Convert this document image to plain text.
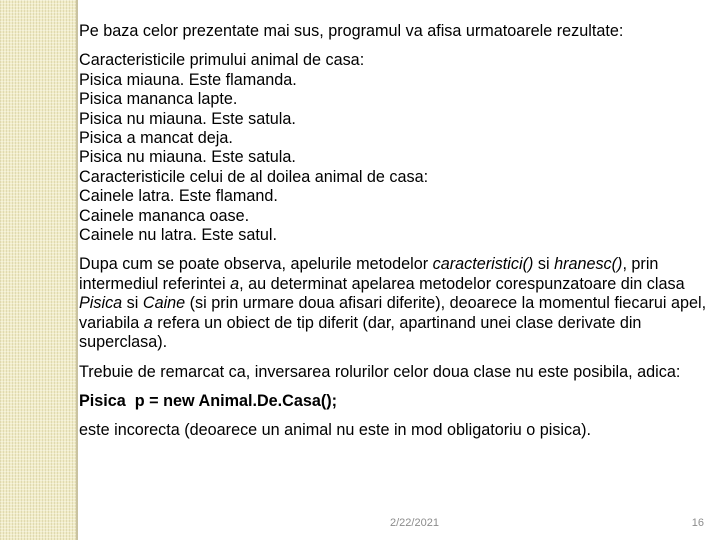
Pe baza celor prezentate mai sus, programul va afisa urmatoarele rezultate:

Caracteristicile primului animal de casa:

Pisica miauna. Este flamanda.

Pisica mananca lapte.

Pisica nu miauna. Este satula.

Pisica a mancat deja.

Pisica nu miauna. Este satula.

Caracteristicile celui de al doilea animal de casa:

Cainele latra. Este flamand.

Cainele mananca oase.

Cainele nu latra. Este satul.

Dupa cum se poate observa, apelurile metodelor caracteristici() si hranesc(), prin intermediul referintei a, au determinat apelarea metodelor corespunzatoare din clasa Pisica si Caine (si prin urmare doua afisari diferite), deoarece la momentul fiecarui apel, variabila a refera un obiect de tip diferit (dar, apartinand unei clase derivate din superclasa).

Trebuie de remarcat ca, inversarea rolurilor celor doua clase nu este posibila, adica:

Pisica  p = new Animal.De.Casa();

este incorecta (deoarece un animal nu este in mod obligatoriu o pisica).

2/22/2021	16
